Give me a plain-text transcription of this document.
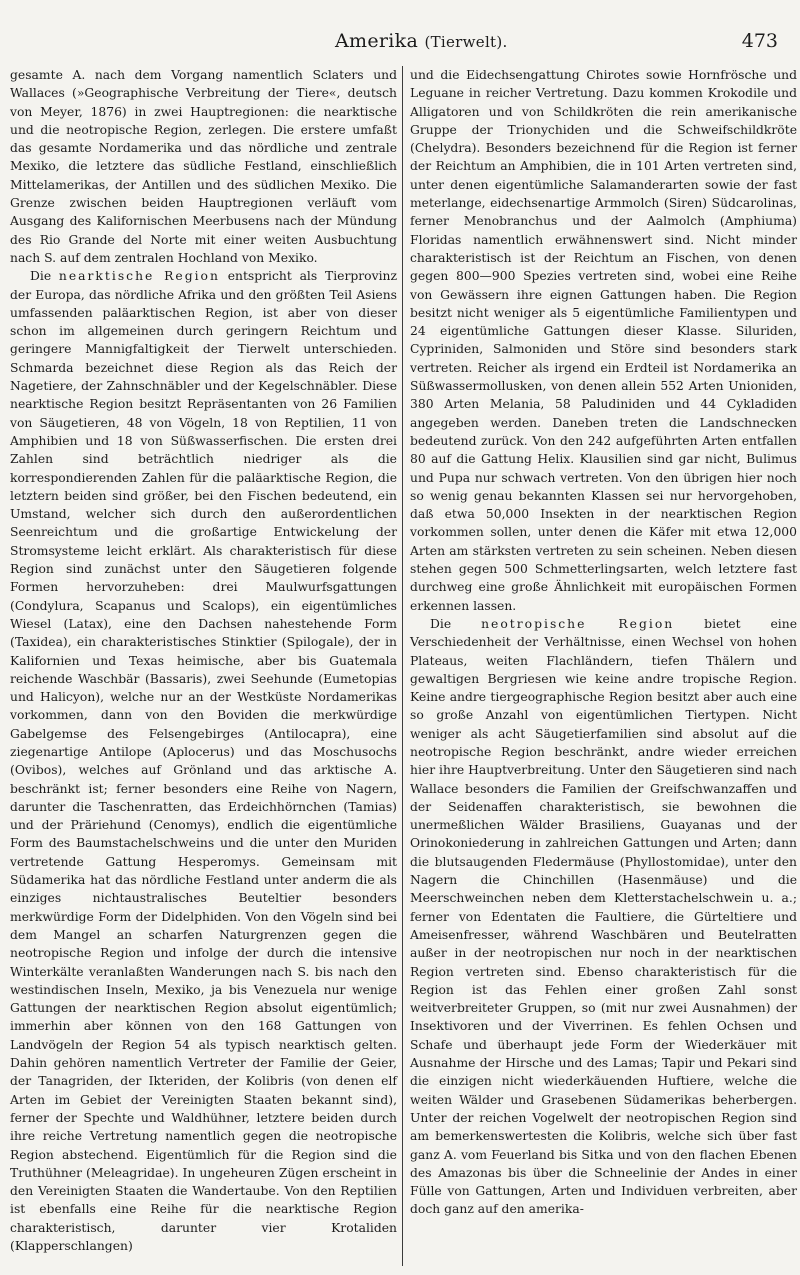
Amerika (Tierwelt).	473

gesamte A. nach dem Vorgang namentlich Sclaters und Wallaces (»Geographische Verbreitung der Tiere«, deutsch von Meyer, 1876) in zwei Hauptregionen: die nearktische und die neotropische Region, zerlegen. Die erstere umfaßt das gesamte Nordamerika und das nördliche und zentrale Mexiko, die letztere das südliche Festland, einschließlich Mittelamerikas, der Antillen und des südlichen Mexiko. Die Grenze zwischen beiden Hauptregionen verläuft vom Ausgang des Kalifornischen Meerbusens nach der Mündung des Rio Grande del Norte mit einer weiten Ausbuchtung nach S. auf dem zentralen Hochland von Mexiko.

Die nearktische Region entspricht als Tierprovinz der Europa, das nördliche Afrika und den größten Teil Asiens umfassenden paläarktischen Region, ist aber von dieser schon im allgemeinen durch geringern Reichtum und geringere Mannigfaltigkeit der Tierwelt unterschieden. Schmarda bezeichnet diese Region als das Reich der Nagetiere, der Zahnschnäbler und der Kegelschnäbler. Diese nearktische Region besitzt Repräsentanten von 26 Familien von Säugetieren, 48 von Vögeln, 18 von Reptilien, 11 von Amphibien und 18 von Süßwasserfischen. Die ersten drei Zahlen sind beträchtlich niedriger als die korrespondierenden Zahlen für die paläarktische Region, die letztern beiden sind größer, bei den Fischen bedeutend, ein Umstand, welcher sich durch den außerordentlichen Seenreichtum und die großartige Entwickelung der Stromsysteme leicht erklärt. Als charakteristisch für diese Region sind zunächst unter den Säugetieren folgende Formen hervorzuheben: drei Maulwurfsgattungen (Condylura, Scapanus und Scalops), ein eigentümliches Wiesel (Latax), eine den Dachsen nahestehende Form (Taxidea), ein charakteristisches Stinktier (Spilogale), der in Kalifornien und Texas heimische, aber bis Guatemala reichende Waschbär (Bassaris), zwei Seehunde (Eumetopias und Halicyon), welche nur an der Westküste Nordamerikas vorkommen, dann von den Boviden die merkwürdige Gabelgemse des Felsengebirges (Antilocapra), eine ziegenartige Antilope (Aplocerus) und das Moschusochs (Ovibos), welches auf Grönland und das arktische A. beschränkt ist; ferner besonders eine Reihe von Nagern, darunter die Taschenratten, das Erdeichhörnchen (Tamias) und der Präriehund (Cenomys), endlich die eigentümliche Form des Baumstachelschweins und die unter den Muriden vertretende Gattung Hesperomys. Gemeinsam mit Südamerika hat das nördliche Festland unter anderm die als einziges nichtaustralisches Beuteltier besonders merkwürdige Form der Didelphiden. Von den Vögeln sind bei dem Mangel an scharfen Naturgrenzen gegen die neotropische Region und infolge der durch die intensive Winterkälte veranlaßten Wanderungen nach S. bis nach den westindischen Inseln, Mexiko, ja bis Venezuela nur wenige Gattungen der nearktischen Region absolut eigentümlich; immerhin aber können von den 168 Gattungen von Landvögeln der Region 54 als typisch nearktisch gelten. Dahin gehören namentlich Vertreter der Familie der Geier, der Tanagriden, der Ikteriden, der Kolibris (von denen elf Arten im Gebiet der Vereinigten Staaten bekannt sind), ferner der Spechte und Waldhühner, letztere beiden durch ihre reiche Vertretung namentlich gegen die neotropische Region abstechend. Eigentümlich für die Region sind die Truthühner (Meleagridae). In ungeheuren Zügen erscheint in den Vereinigten Staaten die Wandertaube. Von den Reptilien ist ebenfalls eine Reihe für die nearktische Region charakteristisch, darunter vier Krotaliden (Klapperschlangen)

und die Eidechsengattung Chirotes sowie Hornfrösche und Leguane in reicher Vertretung. Dazu kommen Krokodile und Alligatoren und von Schildkröten die rein amerikanische Gruppe der Trionychiden und die Schweifschildkröte (Chelydra). Besonders bezeichnend für die Region ist ferner der Reichtum an Amphibien, die in 101 Arten vertreten sind, unter denen eigentümliche Salamanderarten sowie der fast meterlange, eidechsenartige Armmolch (Siren) Südcarolinas, ferner Menobranchus und der Aalmolch (Amphiuma) Floridas namentlich erwähnenswert sind. Nicht minder charakteristisch ist der Reichtum an Fischen, von denen gegen 800—900 Spezies vertreten sind, wobei eine Reihe von Gewässern ihre eignen Gattungen haben. Die Region besitzt nicht weniger als 5 eigentümliche Familientypen und 24 eigentümliche Gattungen dieser Klasse. Siluriden, Cypriniden, Salmoniden und Störe sind besonders stark vertreten. Reicher als irgend ein Erdteil ist Nordamerika an Süßwassermollusken, von denen allein 552 Arten Unioniden, 380 Arten Melania, 58 Paludiniden und 44 Cykladiden angegeben werden. Daneben treten die Landschnecken bedeutend zurück. Von den 242 aufgeführten Arten entfallen 80 auf die Gattung Helix. Klausilien sind gar nicht, Bulimus und Pupa nur schwach vertreten. Von den übrigen hier noch so wenig genau bekannten Klassen sei nur hervorgehoben, daß etwa 50,000 Insekten in der nearktischen Region vorkommen sollen, unter denen die Käfer mit etwa 12,000 Arten am stärksten vertreten zu sein scheinen. Neben diesen stehen gegen 500 Schmetterlingsarten, welch letztere fast durchweg eine große Ähnlichkeit mit europäischen Formen erkennen lassen.

Die neotropische Region bietet eine Verschiedenheit der Verhältnisse, einen Wechsel von hohen Plateaus, weiten Flachländern, tiefen Thälern und gewaltigen Bergriesen wie keine andre tropische Region. Keine andre tiergeographische Region besitzt aber auch eine so große Anzahl von eigentümlichen Tiertypen. Nicht weniger als acht Säugetierfamilien sind absolut auf die neotropische Region beschränkt, andre wieder erreichen hier ihre Hauptverbreitung. Unter den Säugetieren sind nach Wallace besonders die Familien der Greifschwanzaffen und der Seidenaffen charakteristisch, sie bewohnen die unermeßlichen Wälder Brasiliens, Guayanas und der Orinokoniederung in zahlreichen Gattungen und Arten; dann die blutsaugenden Fledermäuse (Phyllostomidae), unter den Nagern die Chinchillen (Hasenmäuse) und die Meerschweinchen neben dem Kletterstachelschwein u. a.; ferner von Edentaten die Faultiere, die Gürteltiere und Ameisenfresser, während Waschbären und Beutelratten außer in der neotropischen nur noch in der nearktischen Region vertreten sind. Ebenso charakteristisch für die Region ist das Fehlen einer großen Zahl sonst weitverbreiteter Gruppen, so (mit nur zwei Ausnahmen) der Insektivoren und der Viverrinen. Es fehlen Ochsen und Schafe und überhaupt jede Form der Wiederkäuer mit Ausnahme der Hirsche und des Lamas; Tapir und Pekari sind die einzigen nicht wiederkäuenden Huftiere, welche die weiten Wälder und Grasebenen Südamerikas beherbergen. Unter der reichen Vogelwelt der neotropischen Region sind am bemerkenswertesten die Kolibris, welche sich über fast ganz A. vom Feuerland bis Sitka und von den flachen Ebenen des Amazonas bis über die Schneelinie der Andes in einer Fülle von Gattungen, Arten und Individuen verbreiten, aber doch ganz auf den amerika-
